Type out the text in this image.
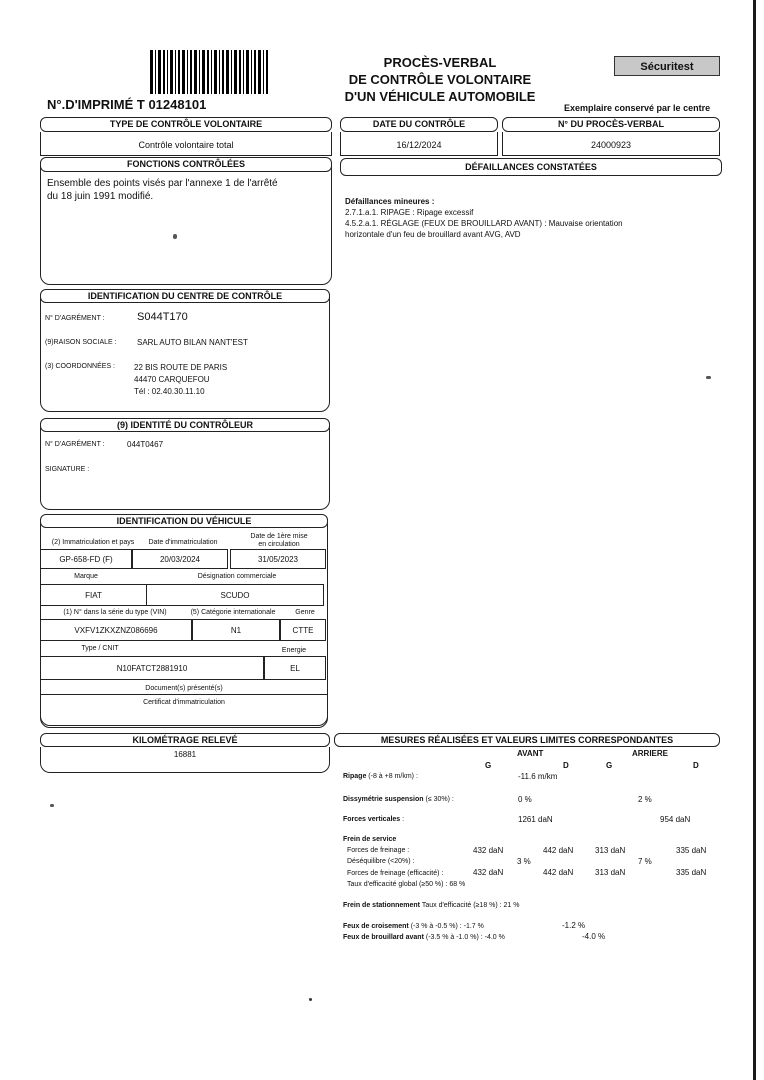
N°.D'IMPRIMÉ T 01248101
PROCÈS-VERBAL
DE CONTRÔLE VOLONTAIRE
D'UN VÉHICULE AUTOMOBILE
Sécuritest
Exemplaire conservé par le centre
TYPE DE CONTRÔLE VOLONTAIRE
Contrôle volontaire total
DATE DU CONTRÔLE
16/12/2024
N° DU PROCÈS-VERBAL
24000923
FONCTIONS CONTRÔLÉES
Ensemble des points visés par l'annexe 1 de l'arrêté
du 18 juin 1991 modifié.
DÉFAILLANCES CONSTATÉES
Défaillances mineures :
2.7.1.a.1. RIPAGE : Ripage excessif
4.5.2.a.1. RÉGLAGE (FEUX DE BROUILLARD AVANT) : Mauvaise orientation
horizontale d'un feu de brouillard avant AVG, AVD
IDENTIFICATION DU CENTRE DE CONTRÔLE
N° D'AGRÉMENT :	S044T170
(9)RAISON SOCIALE :	SARL AUTO BILAN NANT'EST
(3) COORDONNÉES : 22 BIS ROUTE DE PARIS
44470 CARQUEFOU
Tél : 02.40.30.11.10
(9) IDENTITÉ DU CONTRÔLEUR
N° D'AGRÉMENT :	044T0467
SIGNATURE :
IDENTIFICATION DU VÉHICULE
(2) Immatriculation et pays	Date d'immatriculation
Date de 1ère mise
en circulation
GP-658-FD (F)	20/03/2024	31/05/2023
Marque	Désignation commerciale
FIAT	SCUDO
(1) N° dans la série du type (VIN)	(5) Catégorie internationale	Genre
VXFV1ZKXZNZ086696	N1	CTTE
Type / CNIT	Energie
N10FATCT2881910	EL
Document(s) présenté(s)
Certificat d'immatriculation
KILOMÉTRAGE RELEVÉ
16881
MESURES RÉALISÉES ET VALEURS LIMITES CORRESPONDANTES
AVANT	ARRIERE
G	D	G	D
Ripage (-8 à +8 m/km) :	-11.6 m/km
Dissymétrie suspension (≤ 30%) :	0 %	2 %
Forces verticales :	1261 daN	954 daN
Frein de service
Forces de freinage :	432 daN	442 daN	313 daN	335 daN
Déséquilibre (<20%) :	3 %	7 %
Forces de freinage (efficacité) :	432 daN	442 daN	313 daN	335 daN
Taux d'efficacité global (≥50 %) : 68 %
Frein de stationnement Taux d'efficacité (≥18 %) : 21 %
Feux de croisement (-3 % à -0.5 %) : -1.7 %	-1.2 %
Feux de brouillard avant (-3.5 % à -1.0 %) : -4.0 %	-4.0 %
